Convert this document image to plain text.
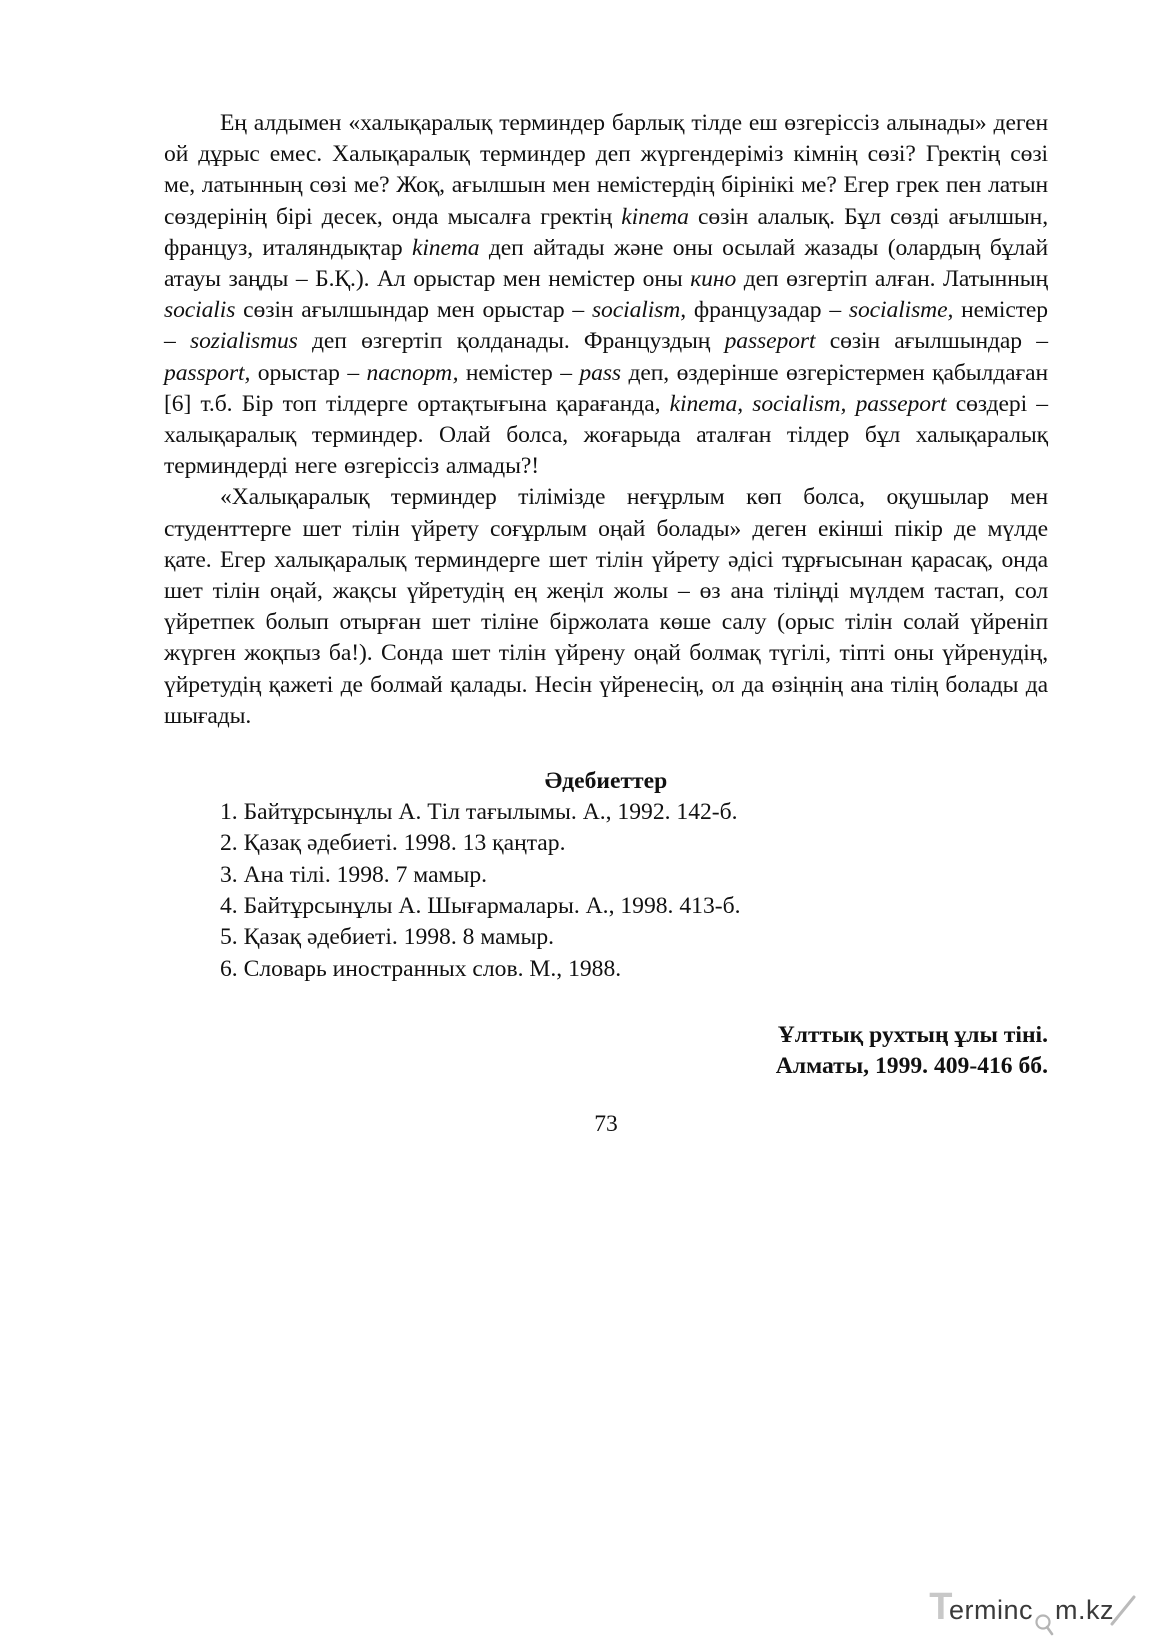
Ең алдымен «халықаралық терминдер барлық тілде еш өзгеріссіз алынады» деген ой дұрыс емес. Халықаралық терминдер деп жүргендеріміз кімнің сөзі? Гректің сөзі ме, латынның сөзі ме? Жоқ, ағылшын мен немістердің бірінікі ме? Егер грек пен латын сөздерінің бірі десек, онда мысалға гректің kinema сөзін алалық. Бұл сөзді ағылшын, француз, италяндықтар kinema деп айтады және оны осылай жазады (олардың бұлай атауы заңды – Б.Қ.). Ал орыстар мен немістер оны кино деп өзгертіп алған. Латынның socialis сөзін ағылшындар мен орыстар – socialism, французадар – socialisme, немістер – sozialismus деп өзгертіп қолданады. Француздың passeport сөзін ағылшындар – passport, орыстар – паспорт, немістер – pass деп, өздерінше өзгерістермен қабылдаған [6] т.б. Бір топ тілдерге ортақтығына қарағанда, kinema, socialism, passeport сөздері – халықаралық терминдер. Олай болса, жоғарыда аталған тілдер бұл халықаралық терминдерді неге өзгеріссіз алмады?!

«Халықаралық терминдер тілімізде неғұрлым көп болса, оқушылар мен студенттерге шет тілін үйрету соғұрлым оңай болады» деген екінші пікір де мүлде қате. Егер халықаралық терминдерге шет тілін үйрету әдісі тұрғысынан қарасақ, онда шет тілін оңай, жақсы үйретудің ең жеңіл жолы – өз ана тіліңді мүлдем тастап, сол үйретпек болып отырған шет тіліне біржолата көше салу (орыс тілін солай үйреніп жүрген жоқпыз ба!). Сонда шет тілін үйрену оңай болмақ түгілі, тіпті оны үйренудің, үйретудің қажеті де болмай қалады. Несін үйренесің, ол да өзіңнің ана тілің болады да шығады.

Әдебиеттер
1. Байтұрсынұлы А. Тіл тағылымы. А., 1992. 142-б.
2. Қазақ әдебиеті. 1998. 13 қаңтар.
3. Ана тілі. 1998. 7 мамыр.
4. Байтұрсынұлы А. Шығармалары. А., 1998. 413-б.
5. Қазақ әдебиеті. 1998. 8 мамыр.
6. Словарь иностранных слов. М., 1988.
Ұлттық рухтың ұлы тіні.
Алматы, 1999. 409-416 бб.
73
T
ermin c m.kz
